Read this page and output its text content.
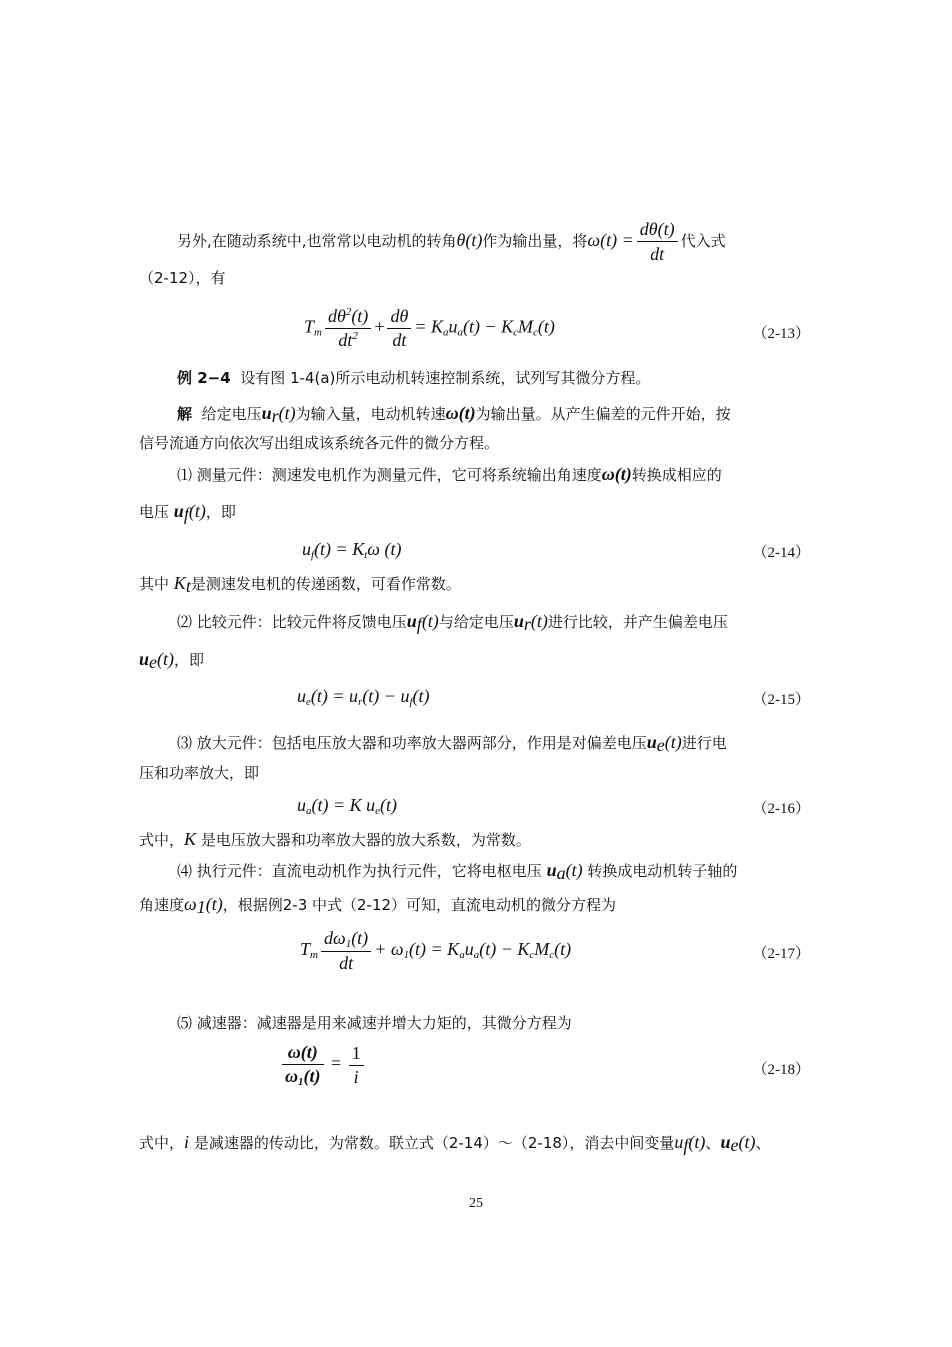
另外,在随动系统中,也常常以电动机的转角θ(t)作为输出量，将$\omega(t) = \frac{d\theta(t)}{dt}$ 代入式
（2-12），有
$T_m \frac{d\theta^2(t)}{dt^2} + \frac{d\theta}{dt} = K_au_a(t) - K_cM_c(t)$	（2-13）
例 2−4 设有图 1-4(a)所示电动机转速控制系统，试列写其微分方程。
解 给定电压$u_r(t)$为输入量，电动机转速ω(t)为输出量。从产生偏差的元件开始，按
信号流通方向依次写出组成该系统各元件的微分方程。
⑴ 测量元件：测速发电机作为测量元件，它可将系统输出角速度ω(t)转换成相应的
电压 $u_f(t)$，即
$u_f(t) = K_t\omega$ (t)	（2-14）
其中 $K_t$是测速发电机的传递函数，可看作常数。
⑵ 比较元件：比较元件将反馈电压$u_f(t)$与给定电压$u_r(t)$进行比较，并产生偏差电压
$u_e(t)$，即
$u_e(t) = u_r(t) - u_f(t)$	（2-15）
⑶ 放大元件：包括电压放大器和功率放大器两部分，作用是对偏差电压$u_e(t)$进行电
压和功率放大，即
$u_a(t) = K$ $u_e(t)$	（2-16）
式中，K 是电压放大器和功率放大器的放大系数，为常数。
⑷ 执行元件：直流电动机作为执行元件，它将电枢电压 $u_a(t)$ 转换成电动机转子轴的
角速度$\omega_1(t)$，根据例2-3 中式（2-12）可知，直流电动机的微分方程为
$T_m \frac{d\omega_1(t)}{dt} + \omega_1(t) = K_au_a(t) - K_cM_c(t)$	（2-17）
⑸ 减速器：减速器是用来减速并增大力矩的，其微分方程为
$\frac{\omega(t)}{\omega_1(t)} = \frac{1}{i}$	（2-18）
式中，i 是减速器的传动比，为常数。联立式（2-14）～（2-18），消去中间变量$u_f(t)$、$u_e(t)$、
25
